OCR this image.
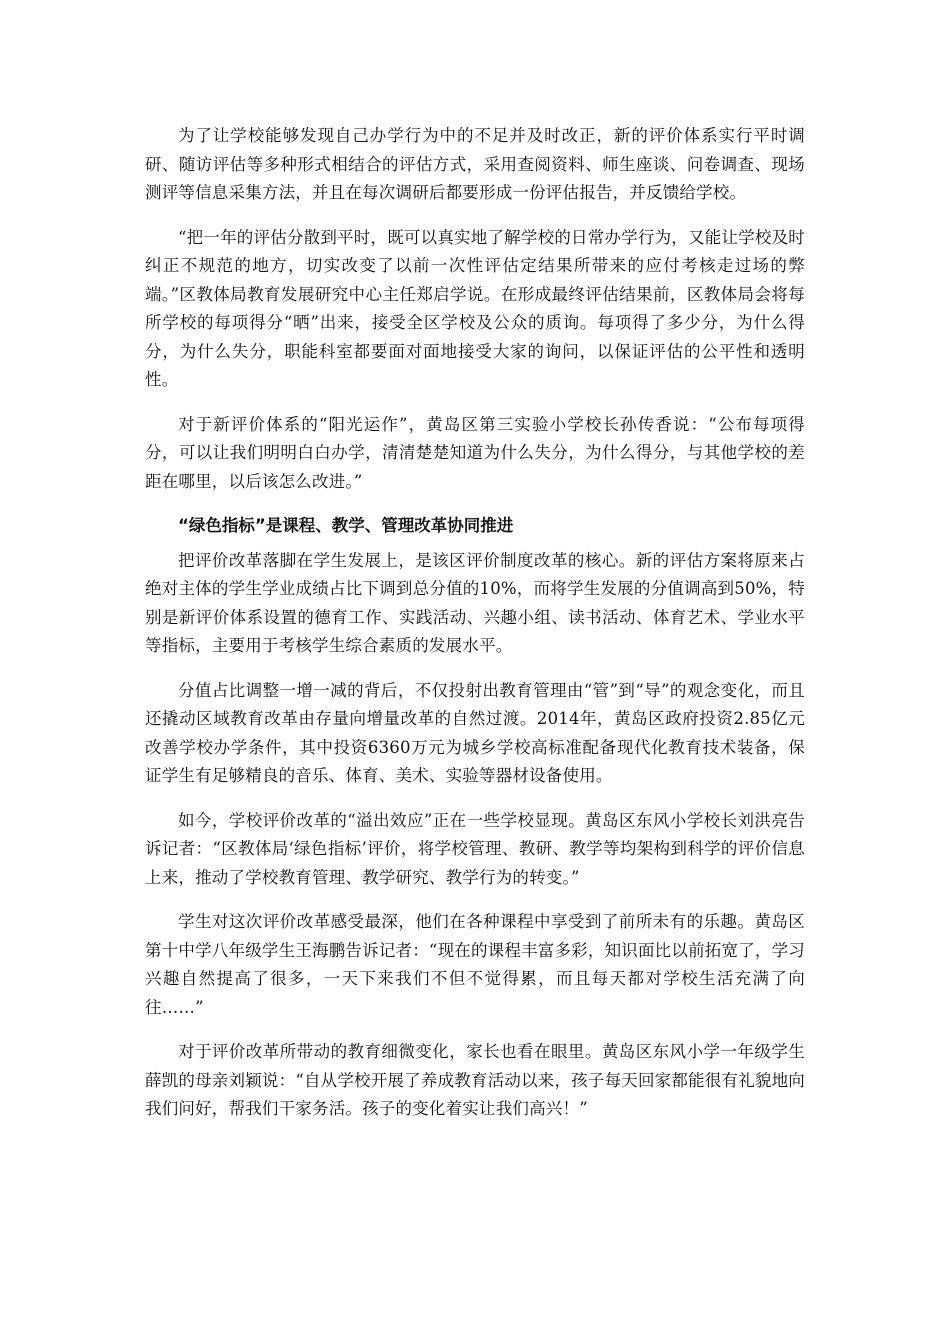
为了让学校能够发现自己办学行为中的不足并及时改正，新的评价体系实行平时调研、随访评估等多种形式相结合的评估方式，采用查阅资料、师生座谈、问卷调查、现场测评等信息采集方法，并且在每次调研后都要形成一份评估报告，并反馈给学校。

“把一年的评估分散到平时，既可以真实地了解学校的日常办学行为，又能让学校及时纠正不规范的地方，切实改变了以前一次性评估定结果所带来的应付考核走过场的弊端。”区教体局教育发展研究中心主任郑启学说。在形成最终评估结果前，区教体局会将每所学校的每项得分“晒”出来，接受全区学校及公众的质询。每项得了多少分，为什么得分，为什么失分，职能科室都要面对面地接受大家的询问，以保证评估的公平性和透明性。

对于新评价体系的“阳光运作”，黄岛区第三实验小学校长孙传香说：“公布每项得分，可以让我们明明白白办学，清清楚楚知道为什么失分，为什么得分，与其他学校的差距在哪里，以后该怎么改进。”

“绿色指标”是课程、教学、管理改革协同推进

把评价改革落脚在学生发展上，是该区评价制度改革的核心。新的评估方案将原来占绝对主体的学生学业成绩占比下调到总分值的10%，而将学生发展的分值调高到50%，特别是新评价体系设置的德育工作、实践活动、兴趣小组、读书活动、体育艺术、学业水平等指标，主要用于考核学生综合素质的发展水平。

分值占比调整一增一减的背后，不仅投射出教育管理由“管”到“导”的观念变化，而且还撬动区域教育改革由存量向增量改革的自然过渡。2014年，黄岛区政府投资2.85亿元改善学校办学条件，其中投资6360万元为城乡学校高标准配备现代化教育技术装备，保证学生有足够精良的音乐、体育、美术、实验等器材设备使用。

如今，学校评价改革的“溢出效应”正在一些学校显现。黄岛区东风小学校长刘洪亮告诉记者：“区教体局‘绿色指标’评价，将学校管理、教研、教学等均架构到科学的评价信息上来，推动了学校教育管理、教学研究、教学行为的转变。”

学生对这次评价改革感受最深，他们在各种课程中享受到了前所未有的乐趣。黄岛区第十中学八年级学生王海鹏告诉记者：“现在的课程丰富多彩，知识面比以前拓宽了，学习兴趣自然提高了很多，一天下来我们不但不觉得累，而且每天都对学校生活充满了向往……”

对于评价改革所带动的教育细微变化，家长也看在眼里。黄岛区东风小学一年级学生薛凯的母亲刘颖说：“自从学校开展了养成教育活动以来，孩子每天回家都能很有礼貌地向我们问好，帮我们干家务活。孩子的变化着实让我们高兴！”
